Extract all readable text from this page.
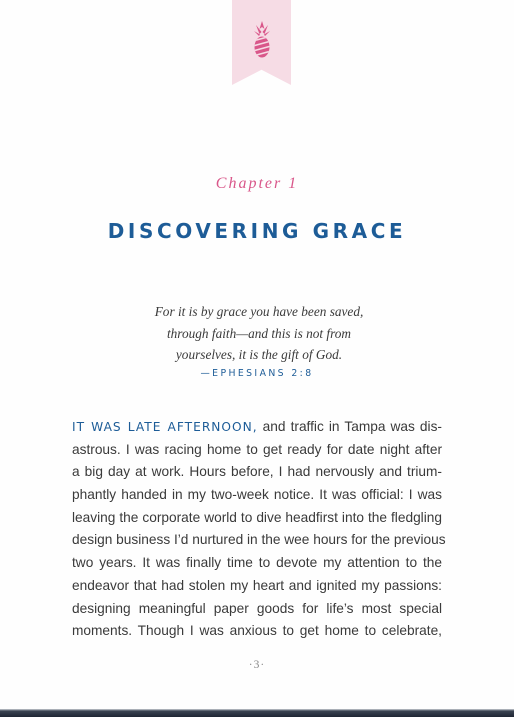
Chapter 1
DISCOVERING GRACE
For it is by grace you have been saved,
through faith—and this is not from
yourselves, it is the gift of God.
—EPHESIANS 2:8
IT WAS LATE AFTERNOON, and traffic in Tampa was dis-
astrous. I was racing home to get ready for date night after
a big day at work. Hours before, I had nervously and trium-
phantly handed in my two-week notice. It was official: I was
leaving the corporate world to dive headfirst into the fledgling
design business I’d nurtured in the wee hours for the previous
two years. It was finally time to devote my attention to the
endeavor that had stolen my heart and ignited my passions:
designing meaningful paper goods for life’s most special
moments. Though I was anxious to get home to celebrate,
·3·
